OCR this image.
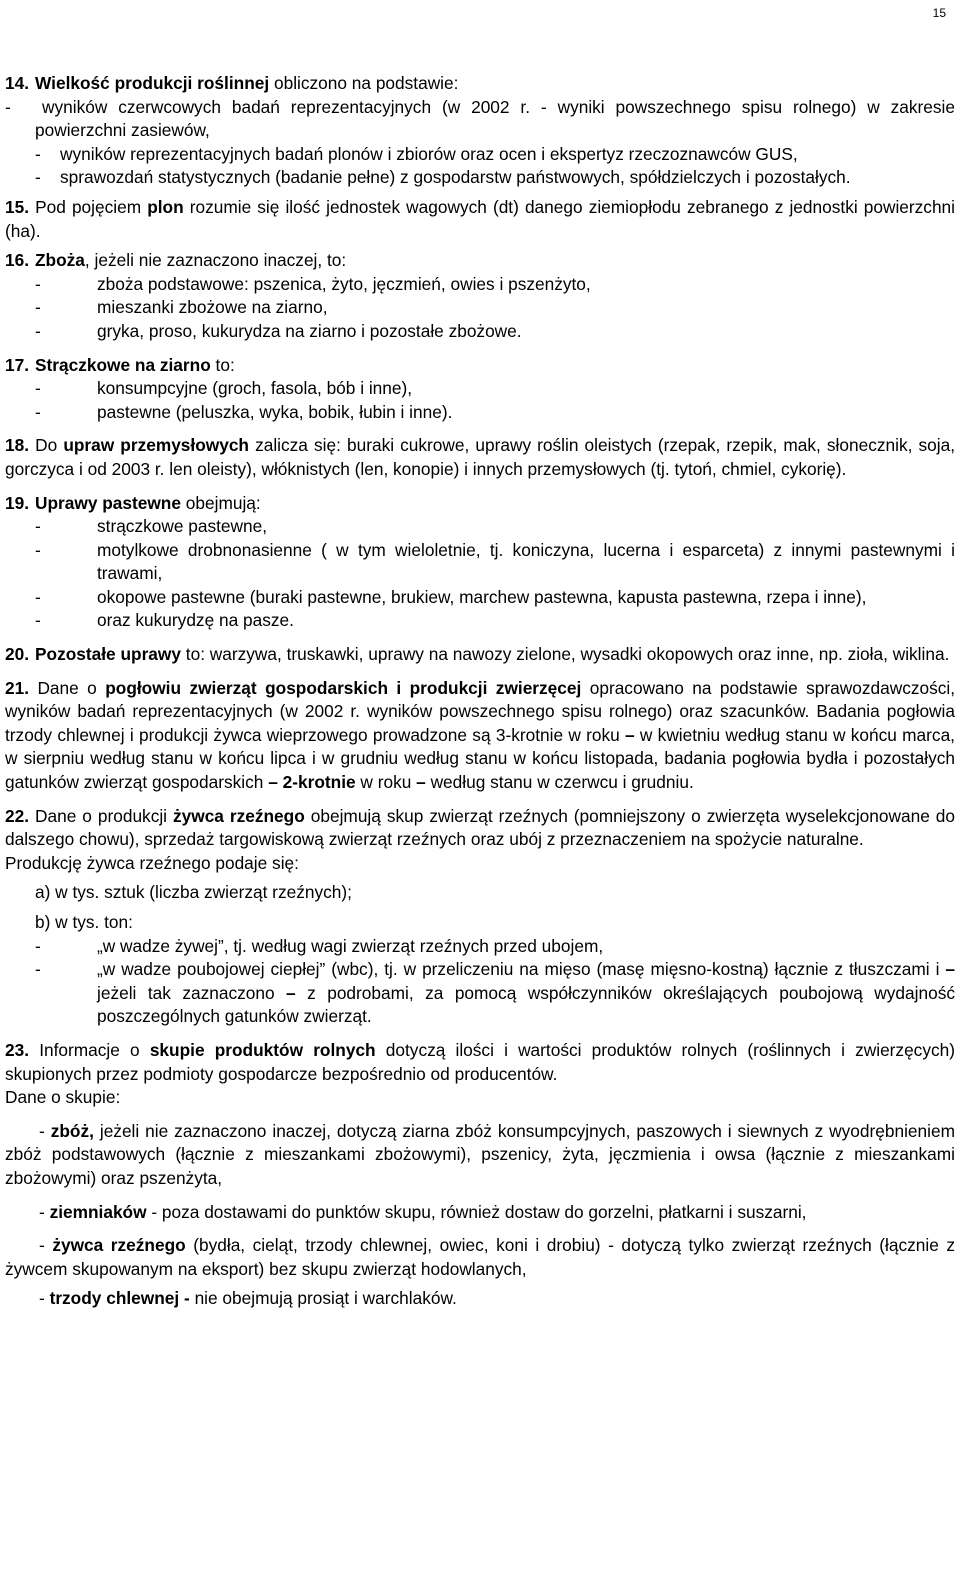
15

14. Wielkość produkcji roślinnej obliczono na podstawie:

- wyników czerwcowych badań reprezentacyjnych (w 2002 r. - wyniki powszechnego spisu rolnego) w zakresie powierzchni zasiewów,

-	wyników reprezentacyjnych badań plonów i zbiorów oraz ocen i ekspertyz rzeczoznawców GUS,
-	sprawozdań statystycznych (badanie pełne) z gospodarstw państwowych, spółdzielczych i pozostałych.

15. Pod pojęciem plon rozumie się ilość jednostek wagowych (dt) danego ziemiopłodu zebranego z jednostki powierzchni (ha).

16. Zboża, jeżeli nie zaznaczono inaczej, to:

-	zboża podstawowe: pszenica, żyto, jęczmień, owies i pszenżyto,
-	mieszanki zbożowe na ziarno,
-	gryka, proso, kukurydza na ziarno i pozostałe zbożowe.

17. Strączkowe na ziarno to:

-	konsumpcyjne (groch, fasola, bób i inne),
-	pastewne (peluszka, wyka, bobik, łubin i inne).

18. Do upraw przemysłowych zalicza się: buraki cukrowe, uprawy roślin oleistych (rzepak, rzepik, mak, słonecznik, soja, gorczyca i od 2003 r. len oleisty), włóknistych (len, konopie) i innych przemysłowych (tj. tytoń, chmiel, cykorię).

19. Uprawy pastewne obejmują:

-	strączkowe pastewne,
-	motylkowe drobnonasienne ( w tym wieloletnie, tj. koniczyna, lucerna i esparceta) z innymi pastewnymi i trawami,
-	okopowe pastewne (buraki pastewne, brukiew, marchew pastewna, kapusta pastewna, rzepa i inne),
-	oraz kukurydzę na pasze.

20. Pozostałe uprawy to: warzywa, truskawki, uprawy na nawozy zielone, wysadki okopowych oraz inne, np. zioła, wiklina.

21. Dane o pogłowiu zwierząt gospodarskich i produkcji zwierzęcej opracowano na podstawie sprawozdawczości, wyników badań reprezentacyjnych (w 2002 r. wyników powszechnego spisu rolnego) oraz szacunków. Badania pogłowia trzody chlewnej i produkcji żywca wieprzowego prowadzone są 3-krotnie w roku – w kwietniu według stanu w końcu marca, w sierpniu według stanu w końcu lipca i w grudniu według stanu w końcu listopada, badania pogłowia bydła i pozostałych gatunków zwierząt gospodarskich – 2-krotnie w roku – według stanu w czerwcu i grudniu.

22. Dane o produkcji żywca rzeźnego obejmują skup zwierząt rzeźnych (pomniejszony o zwierzęta wyselekcjonowane do dalszego chowu), sprzedaż targowiskową zwierząt rzeźnych oraz ubój z przeznaczeniem na spożycie naturalne.

Produkcję żywca rzeźnego podaje się:

a) w tys. sztuk (liczba zwierząt rzeźnych);

b) w tys. ton:

-	„w wadze żywej”, tj. według wagi zwierząt rzeźnych przed ubojem,
-	„w wadze poubojowej ciepłej” (wbc), tj. w przeliczeniu na mięso (masę mięsno-kostną) łącznie z tłuszczami i – jeżeli tak zaznaczono – z podrobami, za pomocą współczynników określających poubojową wydajność poszczególnych gatunków zwierząt.

23. Informacje o skupie produktów rolnych dotyczą ilości i wartości produktów rolnych (roślinnych i zwierzęcych) skupionych przez podmioty gospodarcze bezpośrednio od producentów.

Dane o skupie:

- zbóż, jeżeli nie zaznaczono inaczej, dotyczą ziarna zbóż konsumpcyjnych, paszowych i siewnych z wyodrębnieniem zbóż podstawowych (łącznie z mieszankami zbożowymi), pszenicy, żyta, jęczmienia i owsa (łącznie z mieszankami zbożowymi) oraz pszenżyta,

- ziemniaków - poza dostawami do punktów skupu, również dostaw do gorzelni, płatkarni i suszarni,

- żywca rzeźnego (bydła, cieląt, trzody chlewnej, owiec, koni i drobiu) - dotyczą tylko zwierząt rzeźnych (łącznie z żywcem skupowanym na eksport) bez skupu zwierząt hodowlanych,

- trzody chlewnej - nie obejmują prosiąt i warchlaków.
